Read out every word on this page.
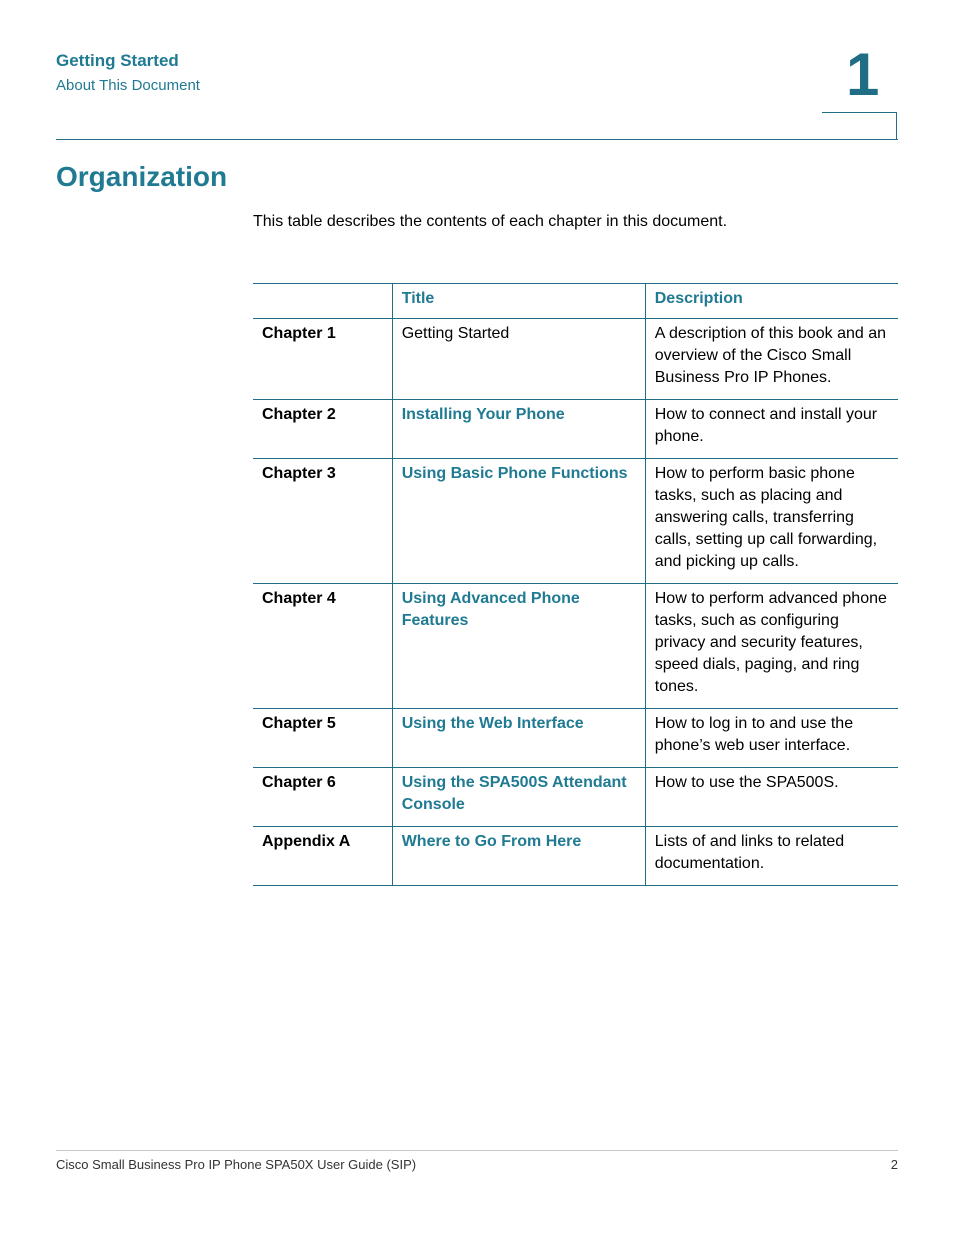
Getting Started
About This Document	1
Organization

This table describes the contents of each chapter in this document.

	Title	Description
Chapter 1	Getting Started	A description of this book and an overview of the Cisco Small Business Pro IP Phones.
Chapter 2	Installing Your Phone	How to connect and install your phone.
Chapter 3	Using Basic Phone Functions	How to perform basic phone tasks, such as placing and answering calls, transferring calls, setting up call forwarding, and picking up calls.
Chapter 4	Using Advanced Phone Features	How to perform advanced phone tasks, such as configuring privacy and security features, speed dials, paging, and ring tones.
Chapter 5	Using the Web Interface	How to log in to and use the phone’s web user interface.
Chapter 6	Using the SPA500S Attendant Console	How to use the SPA500S.
Appendix A	Where to Go From Here	Lists of and links to related documentation.
Cisco Small Business Pro IP Phone SPA50X User Guide (SIP)	2
